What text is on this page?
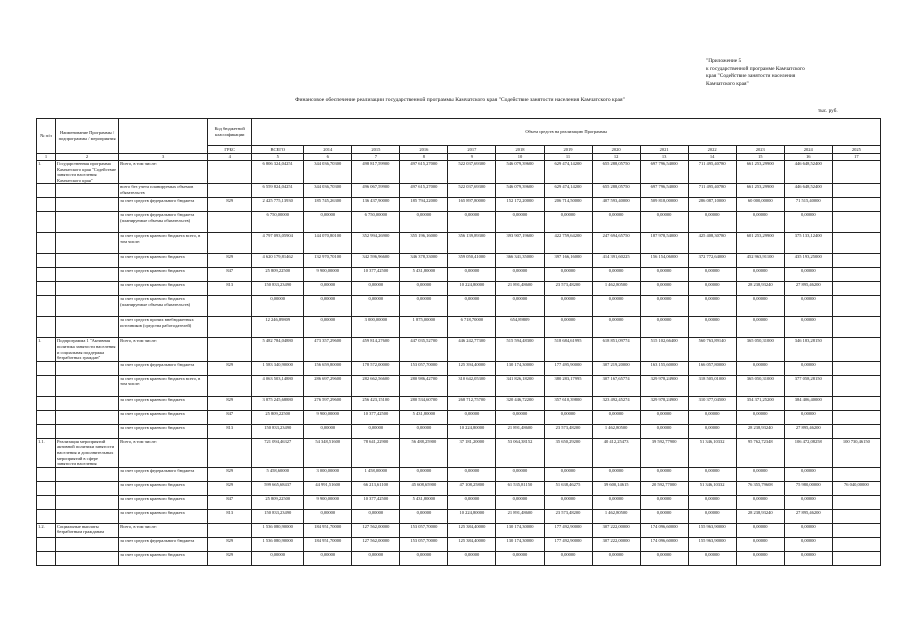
"Приложение 5
к государственной программе Камчатского
края "Содействие занятости населения
Камчатского края"
Финансовое обеспечение реализации государственной программы Камчатского края "Содействие занятости населения Камчатского края"
тыс. руб.
№ п/п	Наименование Программы / подпрограммы / мероприятия		Код бюджетной классификации	Объем средств на реализацию Программы												
			ГРБС	ВСЕГО	2014	2015	2016	2017	2018	2019	2020	2021	2022	2023	2024	2025
1	2	3	4	5	6	7	8	9	10	11	12	13	14	15	16	17
1.	Государственная программа Камчатского края "Содействие занятости населения Камчатского края"	Всего, в том числе:		6 806 324,04251	344 036,70300	498 817,59900	497 615,27000	522 037,69300	546 079,39600	629 474,14200	655 288,05750	697 796,54000	711 495,40780	661 253,29900	446 648,52400	
		всего без учета планируемых объемов обязательств		6 559 824,04251	344 036,70300	496 067,59900	497 615,27000	522 037,69300	546 079,39600	629 474,14200	655 288,05750	697 796,54000	711 495,40780	661 253,29900	446 648,52400	
		за счет средств федерального бюджета	829	2 425 775,13930	185 745,26300	136 437,90000	185 794,22000	165 897,80000	152 172,20000	206 714,50000	407 593,40000	509 818,00000	286 087,10000	60 000,00000	71 515,40000	
		за счет средств федерального бюджета (планируемые объемы обязательств)		6 750,00000	0,00000	6 750,00000	0,00000	0,00000	0,00000	0,00000	0,00000	0,00000	0,00000	0,00000	0,00000	
		за счет средств краевого бюджета всего, в том числе:		4 797 093,05904	144 070,80100	352 994,26900	355 196,16000	356 139,89300	393 907,19600	422 759,64200	247 694,65750	187 978,54000	425 408,30780	601 253,29900	375 133,12400	
		за счет средств краевого бюджета	829	4 620 179,81462	132 970,70100	342 596,96600	346 378,33000	359 050,41000	366 341,35000	397 166,16000	414 391,60225	156 154,06000	372 772,64000	452 963,91100	435 193,25000	
		за счет средств краевого бюджета	847	25 809,22500	9 900,00000	10 377,42500	5 431,80000	0,00000	0,00000	0,00000	0,00000	0,00000	0,00000	0,00000	0,00000	
		за счет средств краевого бюджета	813	150 833,23490	0,00000	0,00000	0,00000	10 224,80000	21 891,48600	23 573,48200	1 462,80500	0,00000	0,00000	28 238,93240	27 895,46200	
		за счет средств краевого бюджета (планируемые объемы обязательств)		0,00000	0,00000	0,00000	0,00000	0,00000	0,00000	0,00000	0,00000	0,00000	0,00000	0,00000	0,00000	
		за счет средств прочих внебюджетных источников (средства работодателей)		12 246,89809	0,00000	3 000,00000	1 875,00000	6 718,70000	654,89809	0,00000	0,00000	0,00000	0,00000	0,00000	0,00000	
1.	Подпрограмма 1 "Активная политика занятости населения и социальная поддержка безработных граждан"	Всего, в том числе:		5 482 784,04880	473 357,29600	459 814,27600	447 035,52700	446 242,77300	515 594,48300	518 684,61995	618 851,09774	515 102,66400	560 763,89140	365 050,31000	346 183,28150	
		за счет средств федерального бюджета	829	1 583 340,90000	156 659,80000	178 572,00000	153 057,70000	125 394,40000	130 174,30000	177 495,90000	307 219,20000	163 155,60000	166 057,80000	0,00000	0,00000	
		за счет средств краевого бюджета всего, в том числе:		4 063 503,14880	286 697,29600	282 662,56600	280 986,42700	310 642,05300	341 826,18200	380 283,17995	307 167,65774	329 978,24900	318 505,01000	365 050,31000	377 058,28150	
		за счет средств краевого бюджета	829	3 875 245,68880	276 597,29600	256 423,15100	280 534,60700	268 712,75700	320 446,72200	357 610,39800	323 492,45274	329 978,24900	310 377,04500	354 371,25200	384 406,40000	
		за счет средств краевого бюджета	847	25 809,22500	9 900,00000	10 377,42500	5 431,80000	0,00000	0,00000	0,00000	0,00000	0,00000	0,00000	0,00000	0,00000	
		за счет средств краевого бюджета	813	150 833,23490	0,00000	0,00000	0,00000	10 224,80000	21 891,48600	23 573,48200	1 462,80500	0,00000	0,00000	28 238,93240	27 895,46200	
1.1.	Реализация мероприятий активной политики занятости населения и дополнительных мероприятий в сфере занятости населения	Всего, в том числе:		721 094,46327	54 348,51600	78 641,22900	56 488,25900	37 181,20000	53 064,38152	35 650,29200	40 412,25473	39 592,77900	51 346,10332	95 762,72348	106 472,08258	100 730,46150
		за счет средств федерального бюджета	829	5 458,60000	3 000,00000	1 458,00000	0,00000	0,00000	0,00000	0,00000	0,00000	0,00000	0,00000	0,00000	0,00000	
		за счет средств краевого бюджета	829	599 665,68437	44 991,51600	66 213,61100	45 608,65900	47 108,25800	61 535,81150	51 638,46275	39 600,14615	20 592,77000	51 346,10332	76 355,79608	75 980,00000	76 040,00000
		за счет средств краевого бюджета	847	25 809,22500	9 900,00000	10 377,42500	5 431,80000	0,00000	0,00000	0,00000	0,00000	0,00000	0,00000	0,00000	0,00000	
		за счет средств краевого бюджета	813	150 833,23490	0,00000	0,00000	0,00000	10 224,80000	21 891,48600	23 573,48200	1 462,80500	0,00000	0,00000	28 238,93240	27 895,46200	
1.2.	Социальные выплаты безработным гражданам	Всего, в том числе:		1 536 080,90000	184 951,70000	127 562,00000	153 057,70000	125 384,40000	130 174,30000	177 492,90000	307 222,00000	174 096,60000	155 963,90000	0,00000	0,00000	
		за счет средств федерального бюджета	829	1 536 080,90000	184 951,70000	127 562,00000	153 057,70000	125 384,40000	130 174,30000	177 492,90000	307 222,00000	174 096,60000	155 963,90000	0,00000	0,00000	
		за счет средств краевого бюджета	829	0,00000	0,00000	0,00000	0,00000	0,00000	0,00000	0,00000	0,00000	0,00000	0,00000	0,00000	0,00000	
